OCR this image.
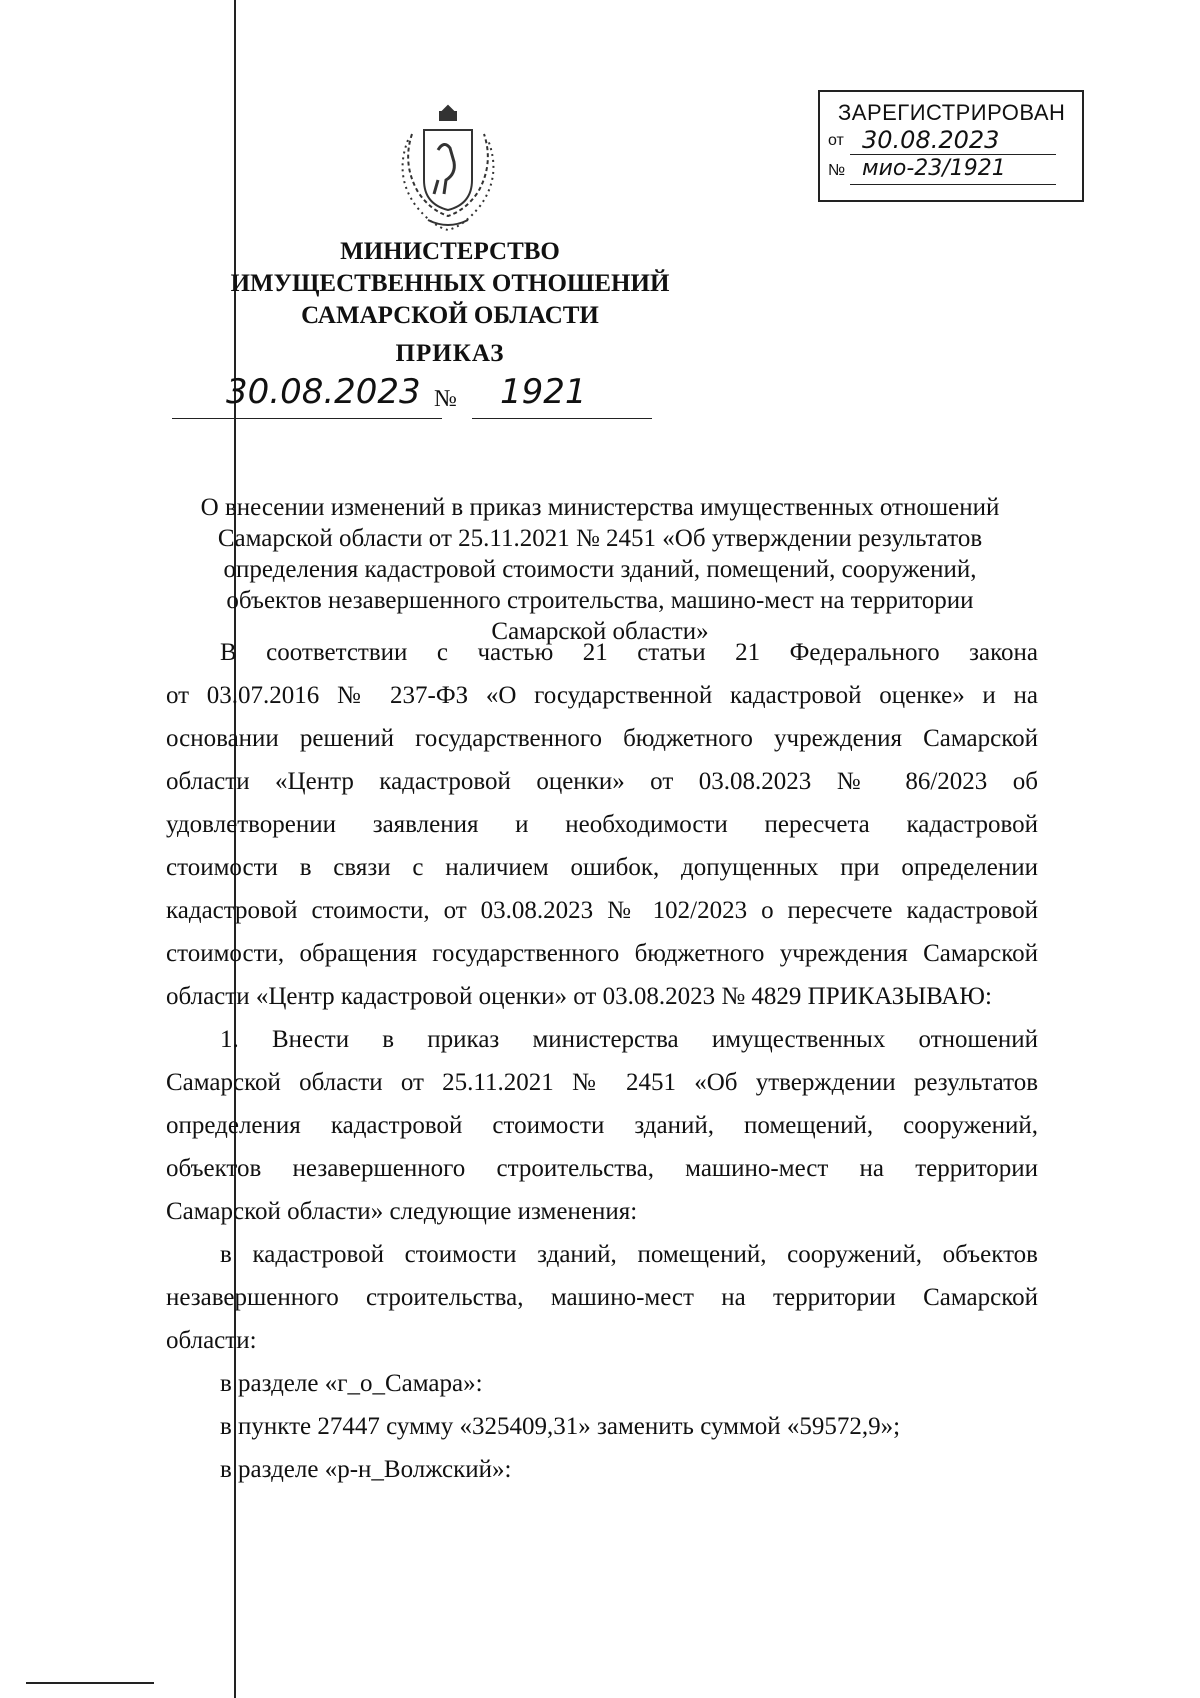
ЗАРЕГИСТРИРОВАН
от 30.08.2023
№ мио-23/1921
МИНИСТЕРСТВО
ИМУЩЕСТВЕННЫХ ОТНОШЕНИЙ
САМАРСКОЙ ОБЛАСТИ
ПРИКАЗ
30.08.2023 № 1921
О внесении изменений в приказ министерства имущественных отношений
Самарской области от 25.11.2021 № 2451 «Об утверждении результатов
определения кадастровой стоимости зданий, помещений, сооружений,
объектов незавершенного строительства, машино-мест на территории
Самарской области»
В соответствии с частью 21 статьи 21 Федерального закона
от 03.07.2016 № 237-ФЗ «О государственной кадастровой оценке» и на
основании решений государственного бюджетного учреждения Самарской
области «Центр кадастровой оценки» от 03.08.2023 № 86/2023 об
удовлетворении заявления и необходимости пересчета кадастровой
стоимости в связи с наличием ошибок, допущенных при определении
кадастровой стоимости, от 03.08.2023 № 102/2023 о пересчете кадастровой
стоимости, обращения государственного бюджетного учреждения Самарской
области «Центр кадастровой оценки» от 03.08.2023 № 4829 ПРИКАЗЫВАЮ:
1. Внести в приказ министерства имущественных отношений
Самарской области от 25.11.2021 № 2451 «Об утверждении результатов
определения кадастровой стоимости зданий, помещений, сооружений,
объектов незавершенного строительства, машино-мест на территории
Самарской области» следующие изменения:
в кадастровой стоимости зданий, помещений, сооружений, объектов
незавершенного строительства, машино-мест на территории Самарской
области:
в разделе «г_о_Самара»:
в пункте 27447 сумму «325409,31» заменить суммой «59572,9»;
в разделе «р-н_Волжский»:
